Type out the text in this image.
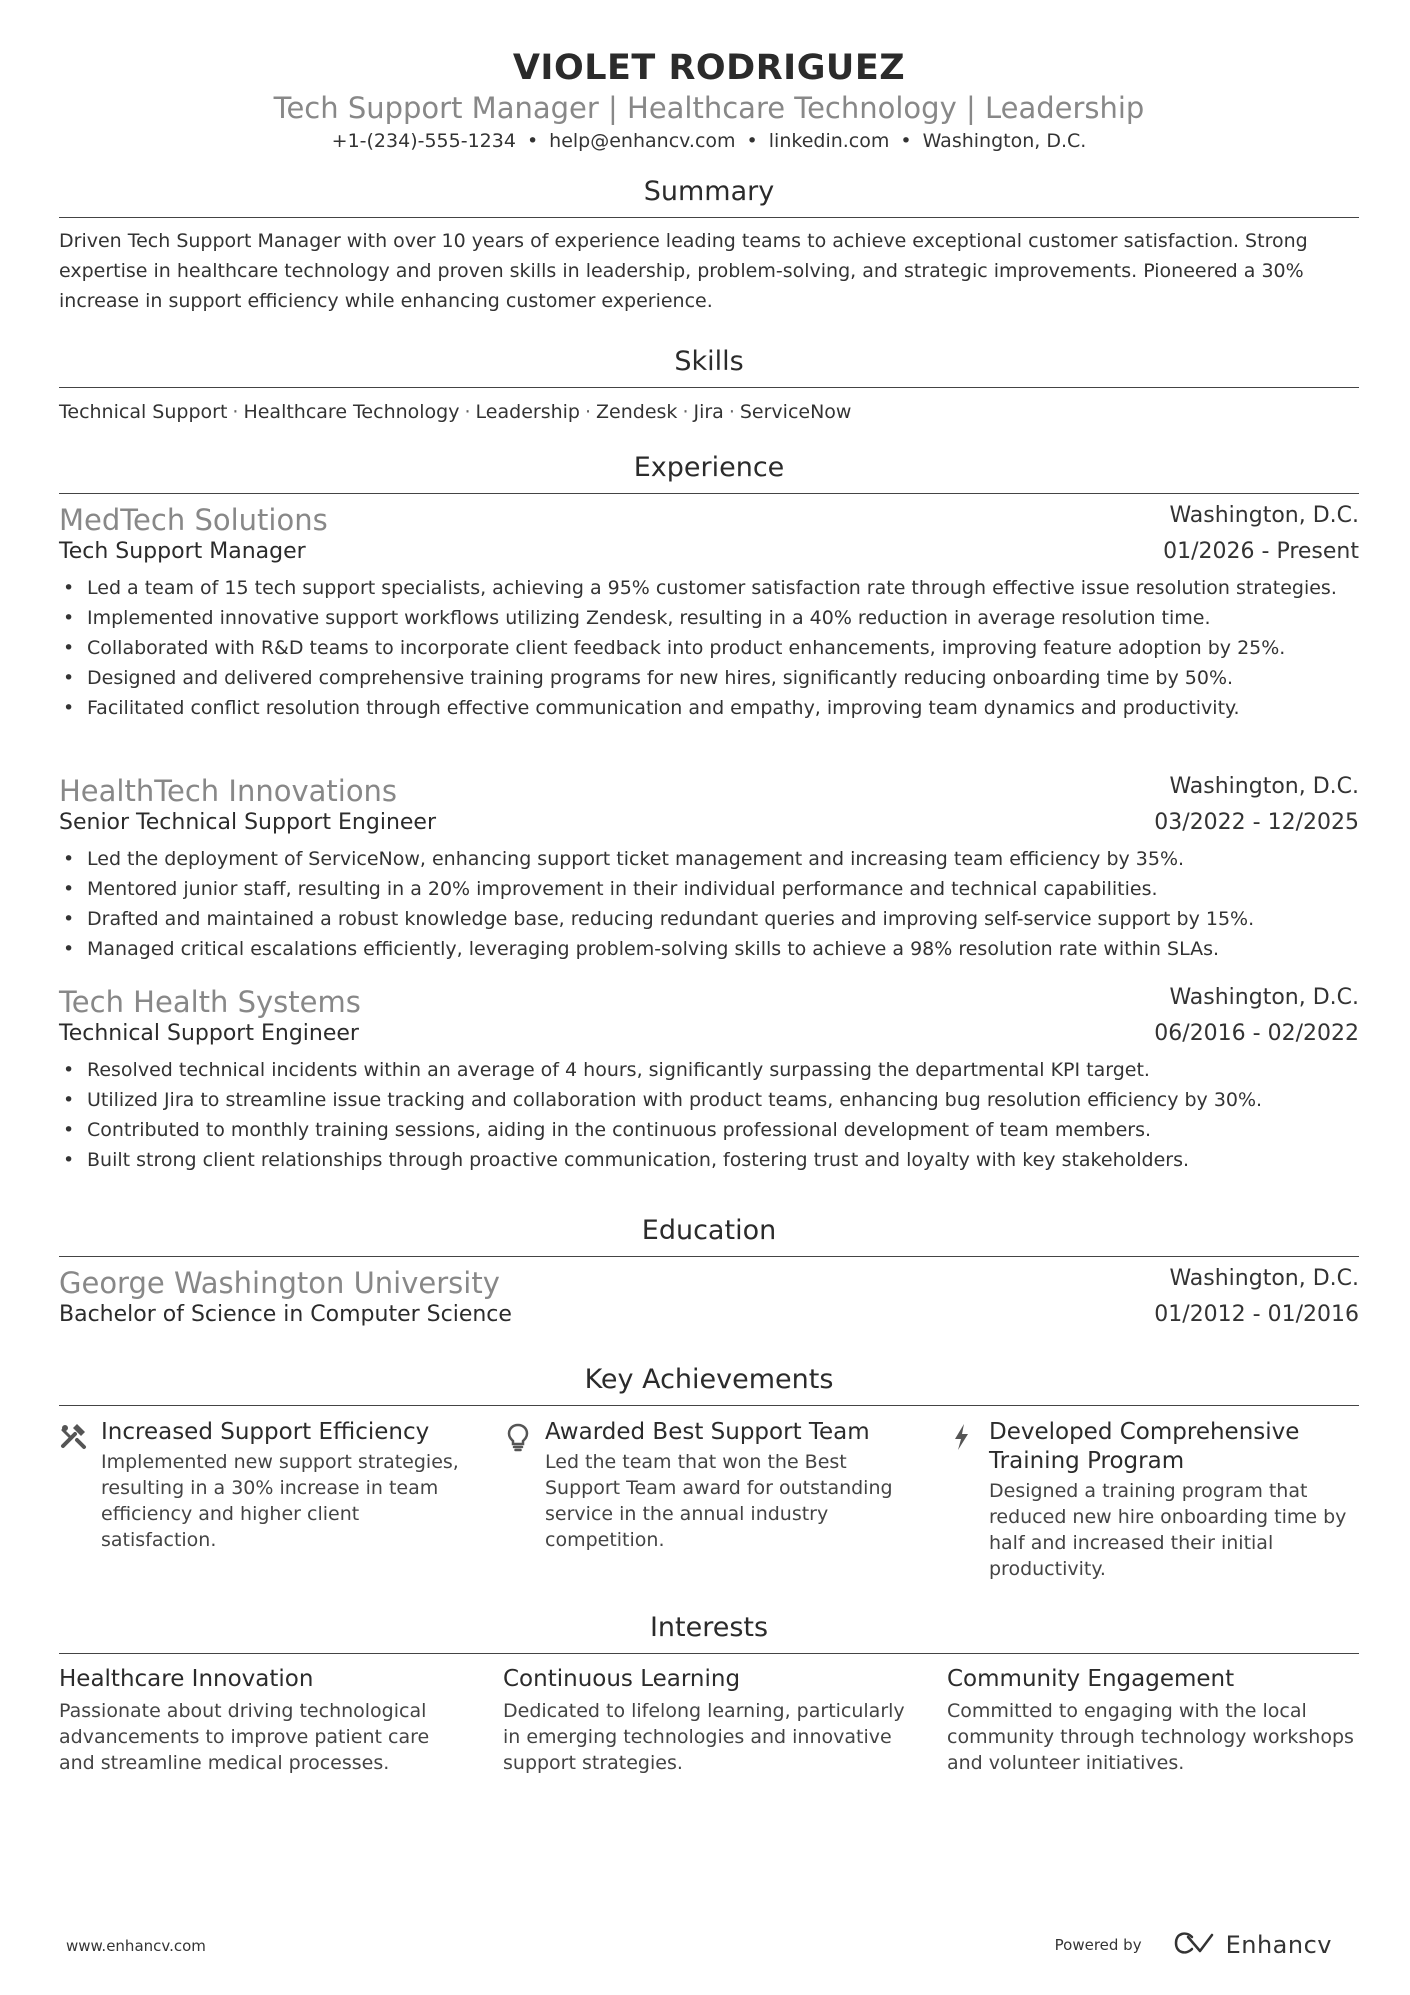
VIOLET RODRIGUEZ
Tech Support Manager | Healthcare Technology | Leadership
+1-(234)-555-1234 • help@enhancv.com • linkedin.com • Washington, D.C.
Summary
Driven Tech Support Manager with over 10 years of experience leading teams to achieve exceptional customer satisfaction. Strong expertise in healthcare technology and proven skills in leadership, problem-solving, and strategic improvements. Pioneered a 30% increase in support efficiency while enhancing customer experience.
Skills
Technical Support · Healthcare Technology · Leadership · Zendesk · Jira · ServiceNow
Experience
MedTech Solutions	Washington, D.C.
Tech Support Manager	01/2026 - Present
• Led a team of 15 tech support specialists, achieving a 95% customer satisfaction rate through effective issue resolution strategies.
• Implemented innovative support workflows utilizing Zendesk, resulting in a 40% reduction in average resolution time.
• Collaborated with R&D teams to incorporate client feedback into product enhancements, improving feature adoption by 25%.
• Designed and delivered comprehensive training programs for new hires, significantly reducing onboarding time by 50%.
• Facilitated conflict resolution through effective communication and empathy, improving team dynamics and productivity.
HealthTech Innovations	Washington, D.C.
Senior Technical Support Engineer	03/2022 - 12/2025
• Led the deployment of ServiceNow, enhancing support ticket management and increasing team efficiency by 35%.
• Mentored junior staff, resulting in a 20% improvement in their individual performance and technical capabilities.
• Drafted and maintained a robust knowledge base, reducing redundant queries and improving self-service support by 15%.
• Managed critical escalations efficiently, leveraging problem-solving skills to achieve a 98% resolution rate within SLAs.
Tech Health Systems	Washington, D.C.
Technical Support Engineer	06/2016 - 02/2022
• Resolved technical incidents within an average of 4 hours, significantly surpassing the departmental KPI target.
• Utilized Jira to streamline issue tracking and collaboration with product teams, enhancing bug resolution efficiency by 30%.
• Contributed to monthly training sessions, aiding in the continuous professional development of team members.
• Built strong client relationships through proactive communication, fostering trust and loyalty with key stakeholders.
Education
George Washington University	Washington, D.C.
Bachelor of Science in Computer Science	01/2012 - 01/2016
Key Achievements
Increased Support Efficiency
Implemented new support strategies, resulting in a 30% increase in team efficiency and higher client satisfaction.
Awarded Best Support Team
Led the team that won the Best Support Team award for outstanding service in the annual industry competition.
Developed Comprehensive Training Program
Designed a training program that reduced new hire onboarding time by half and increased their initial productivity.
Interests
Healthcare Innovation
Passionate about driving technological advancements to improve patient care and streamline medical processes.
Continuous Learning
Dedicated to lifelong learning, particularly in emerging technologies and innovative support strategies.
Community Engagement
Committed to engaging with the local community through technology workshops and volunteer initiatives.
www.enhancv.com	Powered by	Enhancv
